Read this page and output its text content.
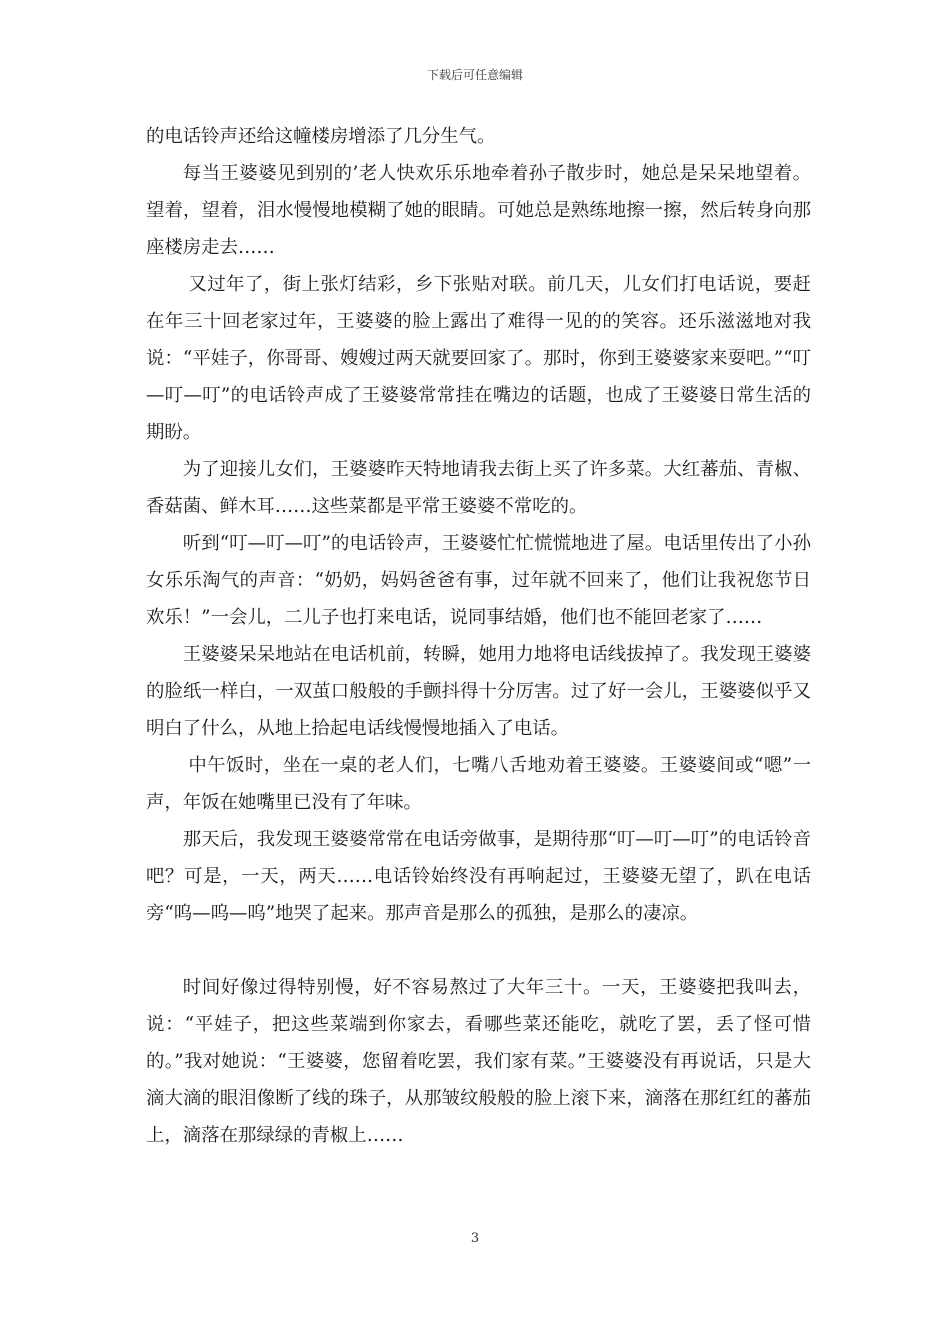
下载后可任意编辑

的电话铃声还给这幢楼房增添了几分生气。

每当王婆婆见到别的’老人快欢乐乐地牵着孙子散步时，她总是呆呆地望着。望着，望着，泪水慢慢地模糊了她的眼睛。可她总是熟练地擦一擦，然后转身向那座楼房走去……

又过年了，街上张灯结彩，乡下张贴对联。前几天，儿女们打电话说，要赶在年三十回老家过年，王婆婆的脸上露出了难得一见的的笑容。还乐滋滋地对我说：“平娃子，你哥哥、嫂嫂过两天就要回家了。那时，你到王婆婆家来耍吧。”“叮—叮—叮”的电话铃声成了王婆婆常常挂在嘴边的话题，也成了王婆婆日常生活的期盼。

为了迎接儿女们，王婆婆昨天特地请我去街上买了许多菜。大红蕃茄、青椒、香菇菌、鲜木耳……这些菜都是平常王婆婆不常吃的。

听到“叮—叮—叮”的电话铃声，王婆婆忙忙慌慌地进了屋。电话里传出了小孙女乐乐淘气的声音：“奶奶，妈妈爸爸有事，过年就不回来了，他们让我祝您节日欢乐！”一会儿，二儿子也打来电话，说同事结婚，他们也不能回老家了……

王婆婆呆呆地站在电话机前，转瞬，她用力地将电话线拔掉了。我发现王婆婆的脸纸一样白，一双茧口般般的手颤抖得十分厉害。过了好一会儿，王婆婆似乎又明白了什么，从地上拾起电话线慢慢地插入了电话。

中午饭时，坐在一桌的老人们，七嘴八舌地劝着王婆婆。王婆婆间或“嗯”一声，年饭在她嘴里已没有了年味。

那天后，我发现王婆婆常常在电话旁做事，是期待那“叮—叮—叮”的电话铃音吧？可是，一天，两天……电话铃始终没有再响起过，王婆婆无望了，趴在电话旁“呜—呜—呜”地哭了起来。那声音是那么的孤独，是那么的凄凉。

时间好像过得特别慢，好不容易熬过了大年三十。一天，王婆婆把我叫去，说：“平娃子，把这些菜端到你家去，看哪些菜还能吃，就吃了罢，丢了怪可惜的。”我对她说：“王婆婆，您留着吃罢，我们家有菜。”王婆婆没有再说话，只是大滴大滴的眼泪像断了线的珠子，从那皱纹般般的脸上滚下来，滴落在那红红的蕃茄上，滴落在那绿绿的青椒上……

3
